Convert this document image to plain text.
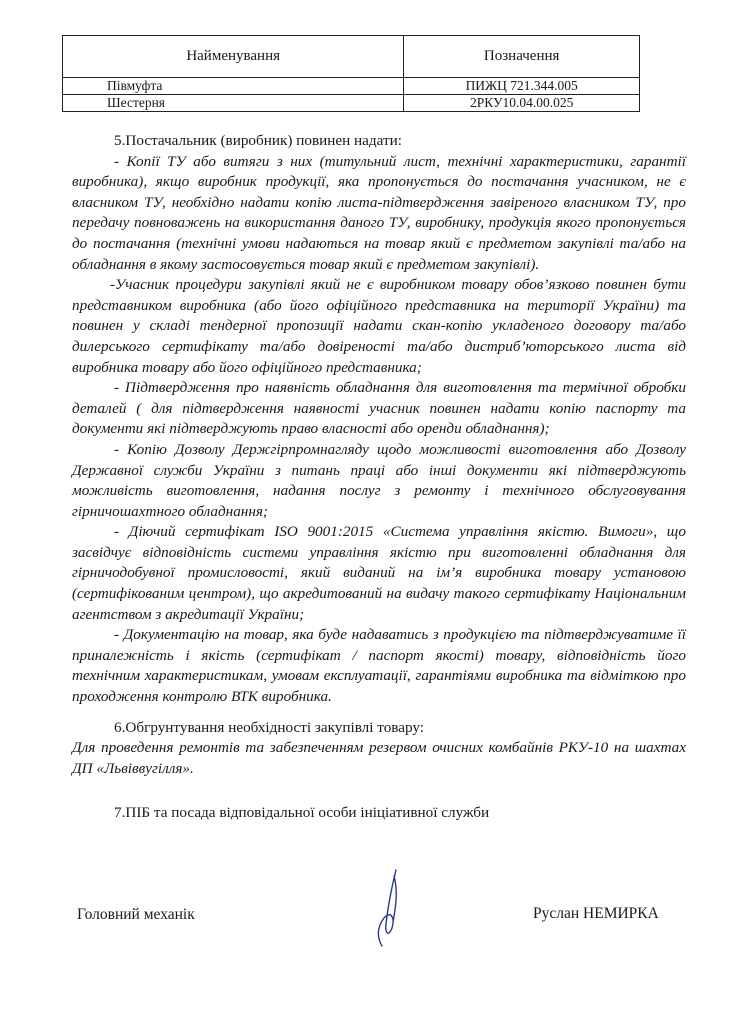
Найменування	Позначення
Півмуфта	ПИЖЦ 721.344.005
Шестерня	2РКУ10.04.00.025

5.Постачальник (виробник) повинен надати:

- Копії ТУ або витяги з них (титульний лист, технічні характеристики, гарантії виробника), якщо виробник продукції, яка пропонується до постачання учасником, не є власником ТУ, необхідно надати копію листа-підтвердження завіреного власником ТУ, про передачу повноважень на використання даного ТУ, виробнику, продукція якого пропонується до постачання (технічні умови надаються на товар який є предметом закупівлі та/або на обладнання в якому застосовується товар який є предметом закупівлі).

-Учасник процедури закупівлі який не є виробником товару обов’язково повинен бути представником виробника (або його офіційного представника на території України) та повинен у складі тендерної пропозиції надати скан-копію укладеного договору та/або дилерського сертифікату та/або довіреності та/або дистриб’юторського листа від виробника товару або його офіційного представника;

- Підтвердження про наявність обладнання для виготовлення та термічної обробки деталей ( для підтвердження наявності учасник повинен надати копію паспорту та документи які підтверджують право власності або оренди обладнання);

- Копію Дозволу Держгірпромнагляду щодо можливості виготовлення або Дозволу Державної служби України з питань праці або інші документи які підтверджують можливість виготовлення, надання послуг з ремонту і технічного обслуговування гірничошахтного обладнання;

- Діючий сертифікат ISO 9001:2015 «Система управління якістю. Вимоги», що засвідчує відповідність системи управління якістю при виготовленні обладнання для гірничодобувної промисловості, який виданий на ім’я виробника товару установою (сертифікованим центром), що акредитований на видачу такого сертифікату Національним агентством з акредитації України;

- Документацію на товар, яка буде надаватись з продукцією та підтверджуватиме її приналежність і якість (сертифікат / паспорт якості) товару, відповідність його технічним характеристикам, умовам експлуатації, гарантіями виробника та відміткою про проходження контролю ВТК виробника.

6.Обгрунтування необхідності закупівлі товару:

Для проведення ремонтів та забезпеченням резервом очисних комбайнів РКУ-10 на шахтах ДП «Львіввугілля».

7.ПІБ та посада відповідальної особи ініціативної служби

Головний механік	Руслан НЕМИРКА
